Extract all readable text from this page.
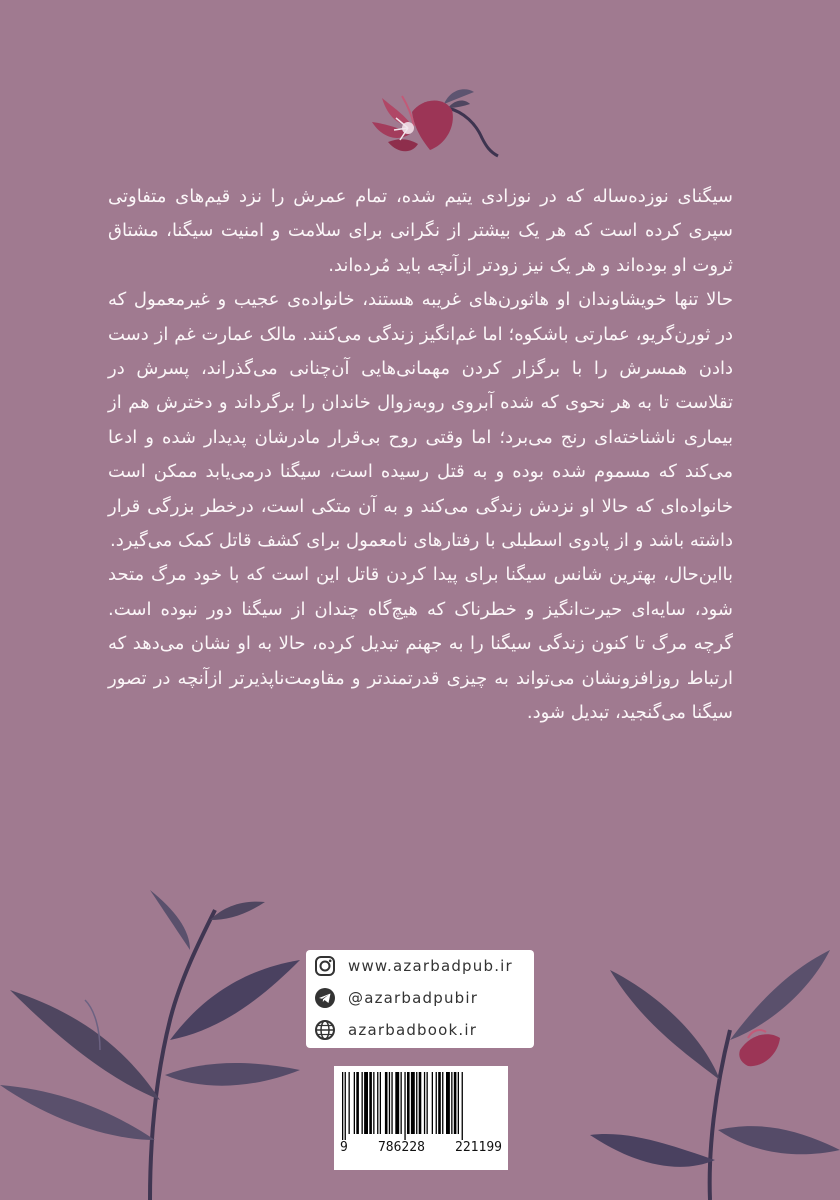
سیگنای نوزده‌ساله که در نوزادی یتیم شده، تمام عمرش را نزد قیم‌های متفاوتی سپری کرده است که هر یک بیشتر از نگرانی برای سلامت و امنیت سیگنا، مشتاق ثروت او بوده‌اند و هر یک نیز زودتر ازآنچه باید مُرده‌اند.

حالا تنها خویشاوندان او هاثورن‌های غریبه هستند، خانواده‌ی عجیب و غیرمعمول که در ثورن‌گریو، عمارتی باشکوه؛ اما غم‌انگیز زندگی می‌کنند. مالک عمارت غم از دست دادن همسرش را با برگزار کردن مهمانی‌هایی آن‌چنانی می‌گذراند، پسرش در تقلاست تا به هر نحوی که شده آبروی روبه‌زوال خاندان را برگرداند و دخترش هم از بیماری ناشناخته‌ای رنج می‌برد؛ اما وقتی روح بی‌قرار مادرشان پدیدار شده و ادعا می‌کند که مسموم شده بوده و به قتل رسیده است، سیگنا درمی‌یابد ممکن است خانواده‌ای که حالا او نزدش زندگی می‌کند و به آن متکی است، درخطر بزرگی قرار داشته باشد و از پادوی اسطبلی با رفتارهای نامعمول برای کشف قاتل کمک می‌گیرد.

بااین‌حال، بهترین شانس سیگنا برای پیدا کردن قاتل این است که با خود مرگ متحد شود، سایه‌ای حیرت‌انگیز و خطرناک که هیچ‌گاه چندان از سیگنا دور نبوده است. گرچه مرگ تا کنون زندگی سیگنا را به جهنم تبدیل کرده، حالا به او نشان می‌دهد که ارتباط روزافزونشان می‌تواند به چیزی قدرتمندتر و مقاومت‌ناپذیرتر ازآنچه در تصور سیگنا می‌گنجید، تبدیل شود.

www.azarbadpub.ir
@azarbadpubir
azarbadbook.ir
9 786228 221199
